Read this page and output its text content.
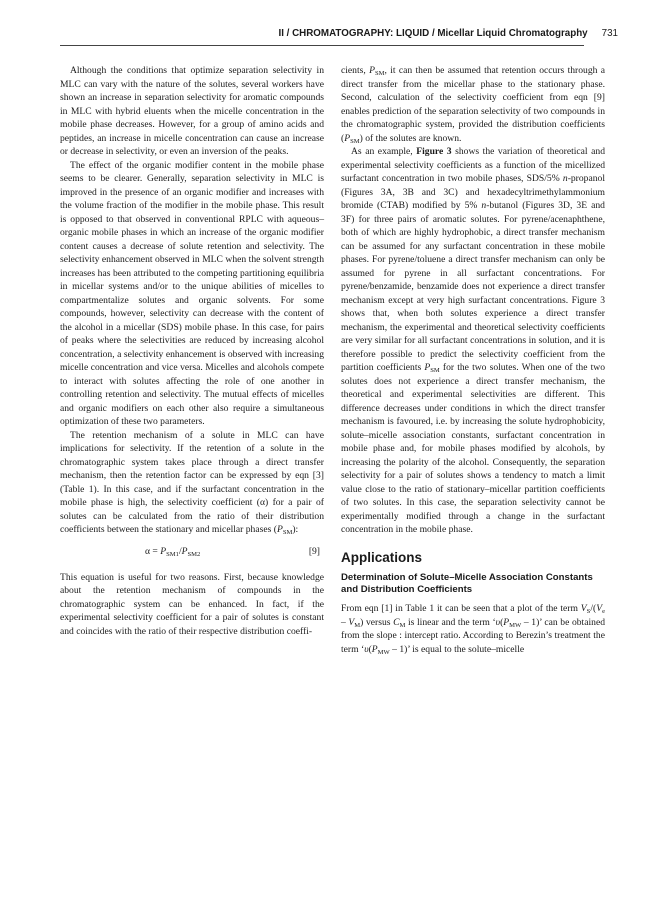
II / CHROMATOGRAPHY: LIQUID / Micellar Liquid Chromatography 731

Although the conditions that optimize separation selectivity in MLC can vary with the nature of the solutes, several workers have shown an increase in separation selectivity for aromatic compounds in MLC with hybrid eluents when the micelle concentration in the mobile phase decreases. However, for a group of amino acids and peptides, an increase in micelle concentration can cause an increase or decrease in selectivity, or even an inversion of the peaks.

The effect of the organic modifier content in the mobile phase seems to be clearer. Generally, separation selectivity in MLC is improved in the presence of an organic modifier and increases with the volume fraction of the modifier in the mobile phase. This result is opposed to that observed in conventional RPLC with aqueous–organic mobile phases in which an increase of the organic modifier content causes a decrease of solute retention and selectivity. The selectivity enhancement observed in MLC when the solvent strength increases has been attributed to the competing partitioning equilibria in micellar systems and/or to the unique abilities of micelles to compartmentalize solutes and organic solvents. For some compounds, however, selectivity can decrease with the content of the alcohol in a micellar (SDS) mobile phase. In this case, for pairs of peaks where the selectivities are reduced by increasing alcohol concentration, a selectivity enhancement is observed with increasing micelle concentration and vice versa. Micelles and alcohols compete to interact with solutes affecting the role of one another in controlling retention and selectivity. The mutual effects of micelles and organic modifiers on each other also require a simultaneous optimization of these two parameters.

The retention mechanism of a solute in MLC can have implications for selectivity. If the retention of a solute in the chromatographic system takes place through a direct transfer mechanism, then the retention factor can be expressed by eqn [3] (Table 1). In this case, and if the surfactant concentration in the mobile phase is high, the selectivity coefficient (α) for a pair of solutes can be calculated from the ratio of their distribution coefficients between the stationary and micellar phases $(P_{SM})$:

$\alpha = P_{SM1}/P_{SM2}$	[9]

This equation is useful for two reasons. First, because knowledge about the retention mechanism of compounds in the chromatographic system can be enhanced. In fact, if the experimental selectivity coefficient for a pair of solutes is constant and coincides with the ratio of their respective distribution coeffi-

cients, $P_{SM}$, it can then be assumed that retention occurs through a direct transfer from the micellar phase to the stationary phase. Second, calculation of the selectivity coefficient from eqn [9] enables prediction of the separation selectivity of two compounds in the chromatographic system, provided the distribution coefficients $(P_{SM})$ of the solutes are known.

As an example, Figure 3 shows the variation of theoretical and experimental selectivity coefficients as a function of the micellized surfactant concentration in two mobile phases, SDS/5% n-propanol (Figures 3A, 3B and 3C) and hexadecyltrimethylammonium bromide (CTAB) modified by 5% n-butanol (Figures 3D, 3E and 3F) for three pairs of aromatic solutes. For pyrene/acenaphthene, both of which are highly hydrophobic, a direct transfer mechanism can be assumed for any surfactant concentration in these mobile phases. For pyrene/toluene a direct transfer mechanism can only be assumed for pyrene in all surfactant concentrations. For pyrene/benzamide, benzamide does not experience a direct transfer mechanism except at very high surfactant concentrations. Figure 3 shows that, when both solutes experience a direct transfer mechanism, the experimental and theoretical selectivity coefficients are very similar for all surfactant concentrations in solution, and it is therefore possible to predict the selectivity coefficient from the partition coefficients $P_{SM}$ for the two solutes. When one of the two solutes does not experience a direct transfer mechanism, the theoretical and experimental selectivities are different. This difference decreases under conditions in which the direct transfer mechanism is favoured, i.e. by increasing the solute hydrophobicity, solute–micelle association constants, surfactant concentration in mobile phase and, for mobile phases modified by alcohols, by increasing the polarity of the alcohol. Consequently, the separation selectivity for a pair of solutes shows a tendency to match a limit value close to the ratio of stationary–micellar partition coefficients of two solutes. In this case, the separation selectivity cannot be experimentally modified through a change in the surfactant concentration in the mobile phase.

Applications
Determination of Solute–Micelle Association Constants and Distribution Coefficients

From eqn [1] in Table 1 it can be seen that a plot of the term $V_S/(V_e - V_M)$ versus $C_M$ is linear and the term ‘$\upsilon(P_{MW} - 1)$’ can be obtained from the slope : intercept ratio. According to Berezin’s treatment the term ‘$\upsilon(P_{MW} - 1)$’ is equal to the solute–micelle
